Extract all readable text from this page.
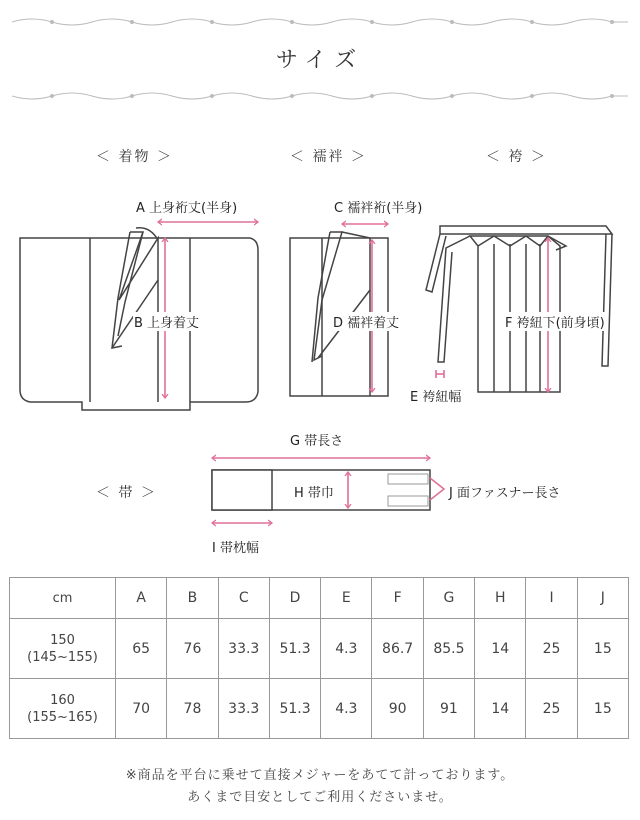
サイズ
＜ 着物 ＞	＜ 襦袢 ＞	＜ 袴 ＞
＜ 帯 ＞
A 上身裄丈(半身)
B 上身着丈
C 襦袢裄(半身)
D 襦袢着丈
E 袴紐幅
F 袴紐下(前身頃)
G 帯長さ
H 帯巾	J 面ファスナー長さ
I 帯枕幅
cm	A	B	C	D	E	F	G	H	I	J

150
(145~155)	65	76	33.3	51.3	4.3	86.7	85.5	14	25	15

160
(155~165)	70	78	33.3	51.3	4.3	90	91	14	25	15
※商品を平台に乗せて直接メジャーをあてて計っております。
あくまで目安としてご利用くださいませ。
